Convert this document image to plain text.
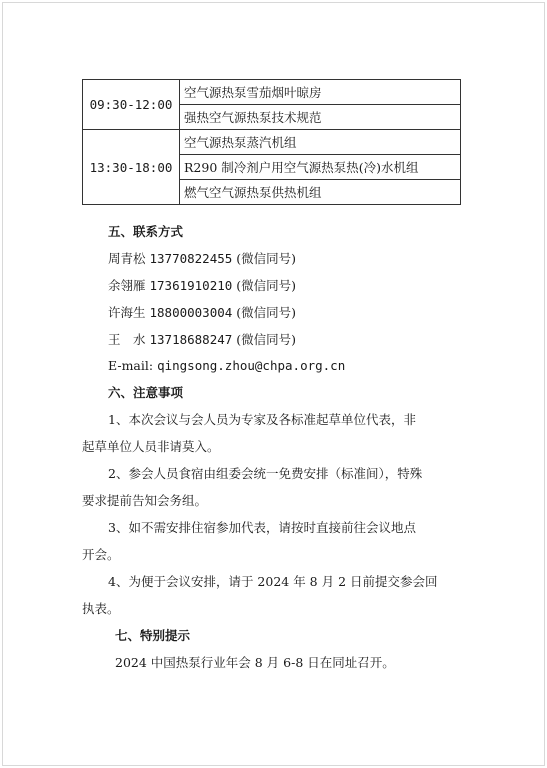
09:30-12:00	空气源热泵雪茄烟叶晾房
	强热空气源热泵技术规范
13:30-18:00	空气源热泵蒸汽机组
	R290 制冷剂户用空气源热泵热(冷)水机组
	燃气空气源热泵供热机组
五、联系方式
周青松 13770822455 (微信同号)
余翎雁 17361910210 (微信同号)
许海生 18800003004 (微信同号)
王　水 13718688247 (微信同号)
E-mail: qingsong.zhou@chpa.org.cn
六、注意事项
1、本次会议与会人员为专家及各标准起草单位代表，非
起草单位人员非请莫入。
2、参会人员食宿由组委会统一免费安排（标准间），特殊
要求提前告知会务组。
3、如不需安排住宿参加代表，请按时直接前往会议地点
开会。
4、为便于会议安排，请于 2024 年 8 月 2 日前提交参会回
执表。
七、特别提示
2024 中国热泵行业年会 8 月 6-8 日在同址召开。
